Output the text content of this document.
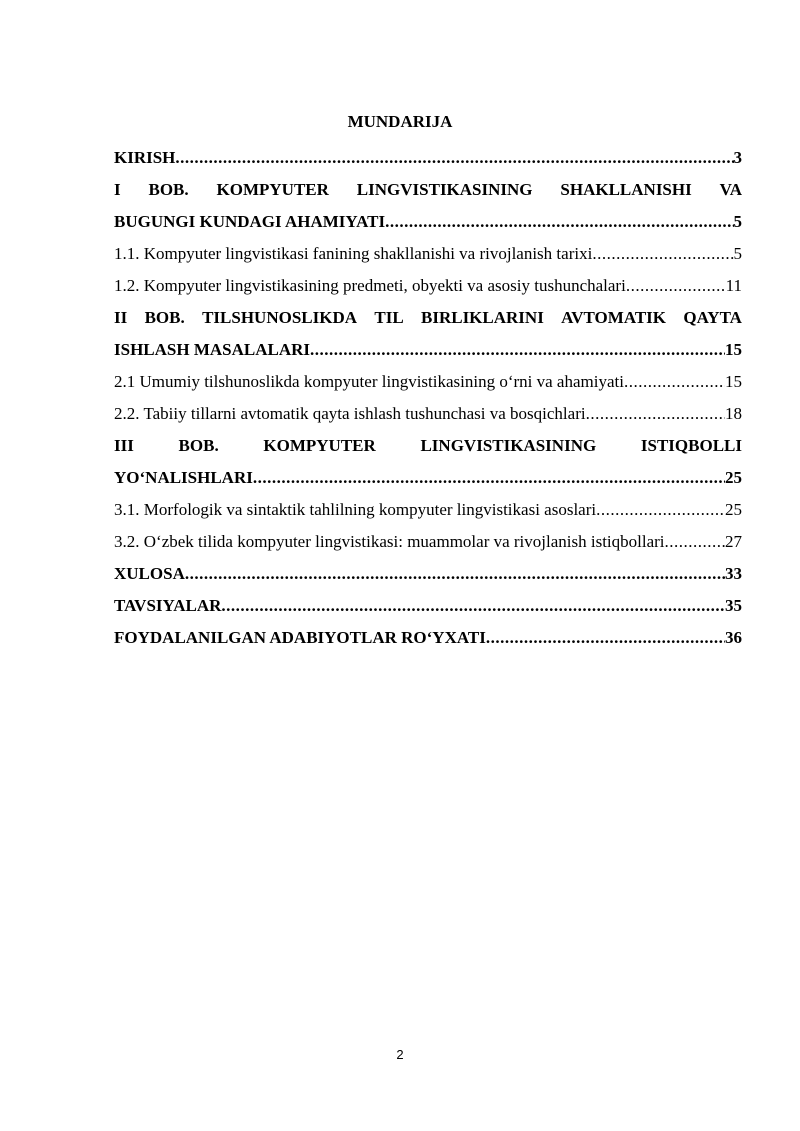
MUNDARIJA
KIRISH .....	3
I BOB. KOMPYUTER LINGVISTIKASINING SHAKLLANISHI VA
BUGUNGI KUNDAGI AHAMIYATI .....	5
1.1. Kompyuter lingvistikasi fanining shakllanishi va rivojlanish tarixi .....	5
1.2. Kompyuter lingvistikasining predmeti, obyekti va asosiy tushunchalari .....	11
II BOB. TILSHUNOSLIKDA TIL BIRLIKLARINI AVTOMATIK QAYTA
ISHLASH MASALALARI .....	15
2.1 Umumiy tilshunoslikda kompyuter lingvistikasining o‘rni va ahamiyati .....	15
2.2. Tabiiy tillarni avtomatik qayta ishlash tushunchasi va bosqichlari .....	18
III	BOB.	KOMPYUTER	LINGVISTIKASINING	ISTIQBOLLI
YO‘NALISHLARI .....	25
3.1. Morfologik va sintaktik tahlilning kompyuter lingvistikasi asoslari .....	25
3.2. O‘zbek tilida kompyuter lingvistikasi: muammolar va rivojlanish istiqbollari .....	27
XULOSA .....	33
TAVSIYALAR .....	35
FOYDALANILGAN ADABIYOTLAR RO‘YXATI .....	36
2
